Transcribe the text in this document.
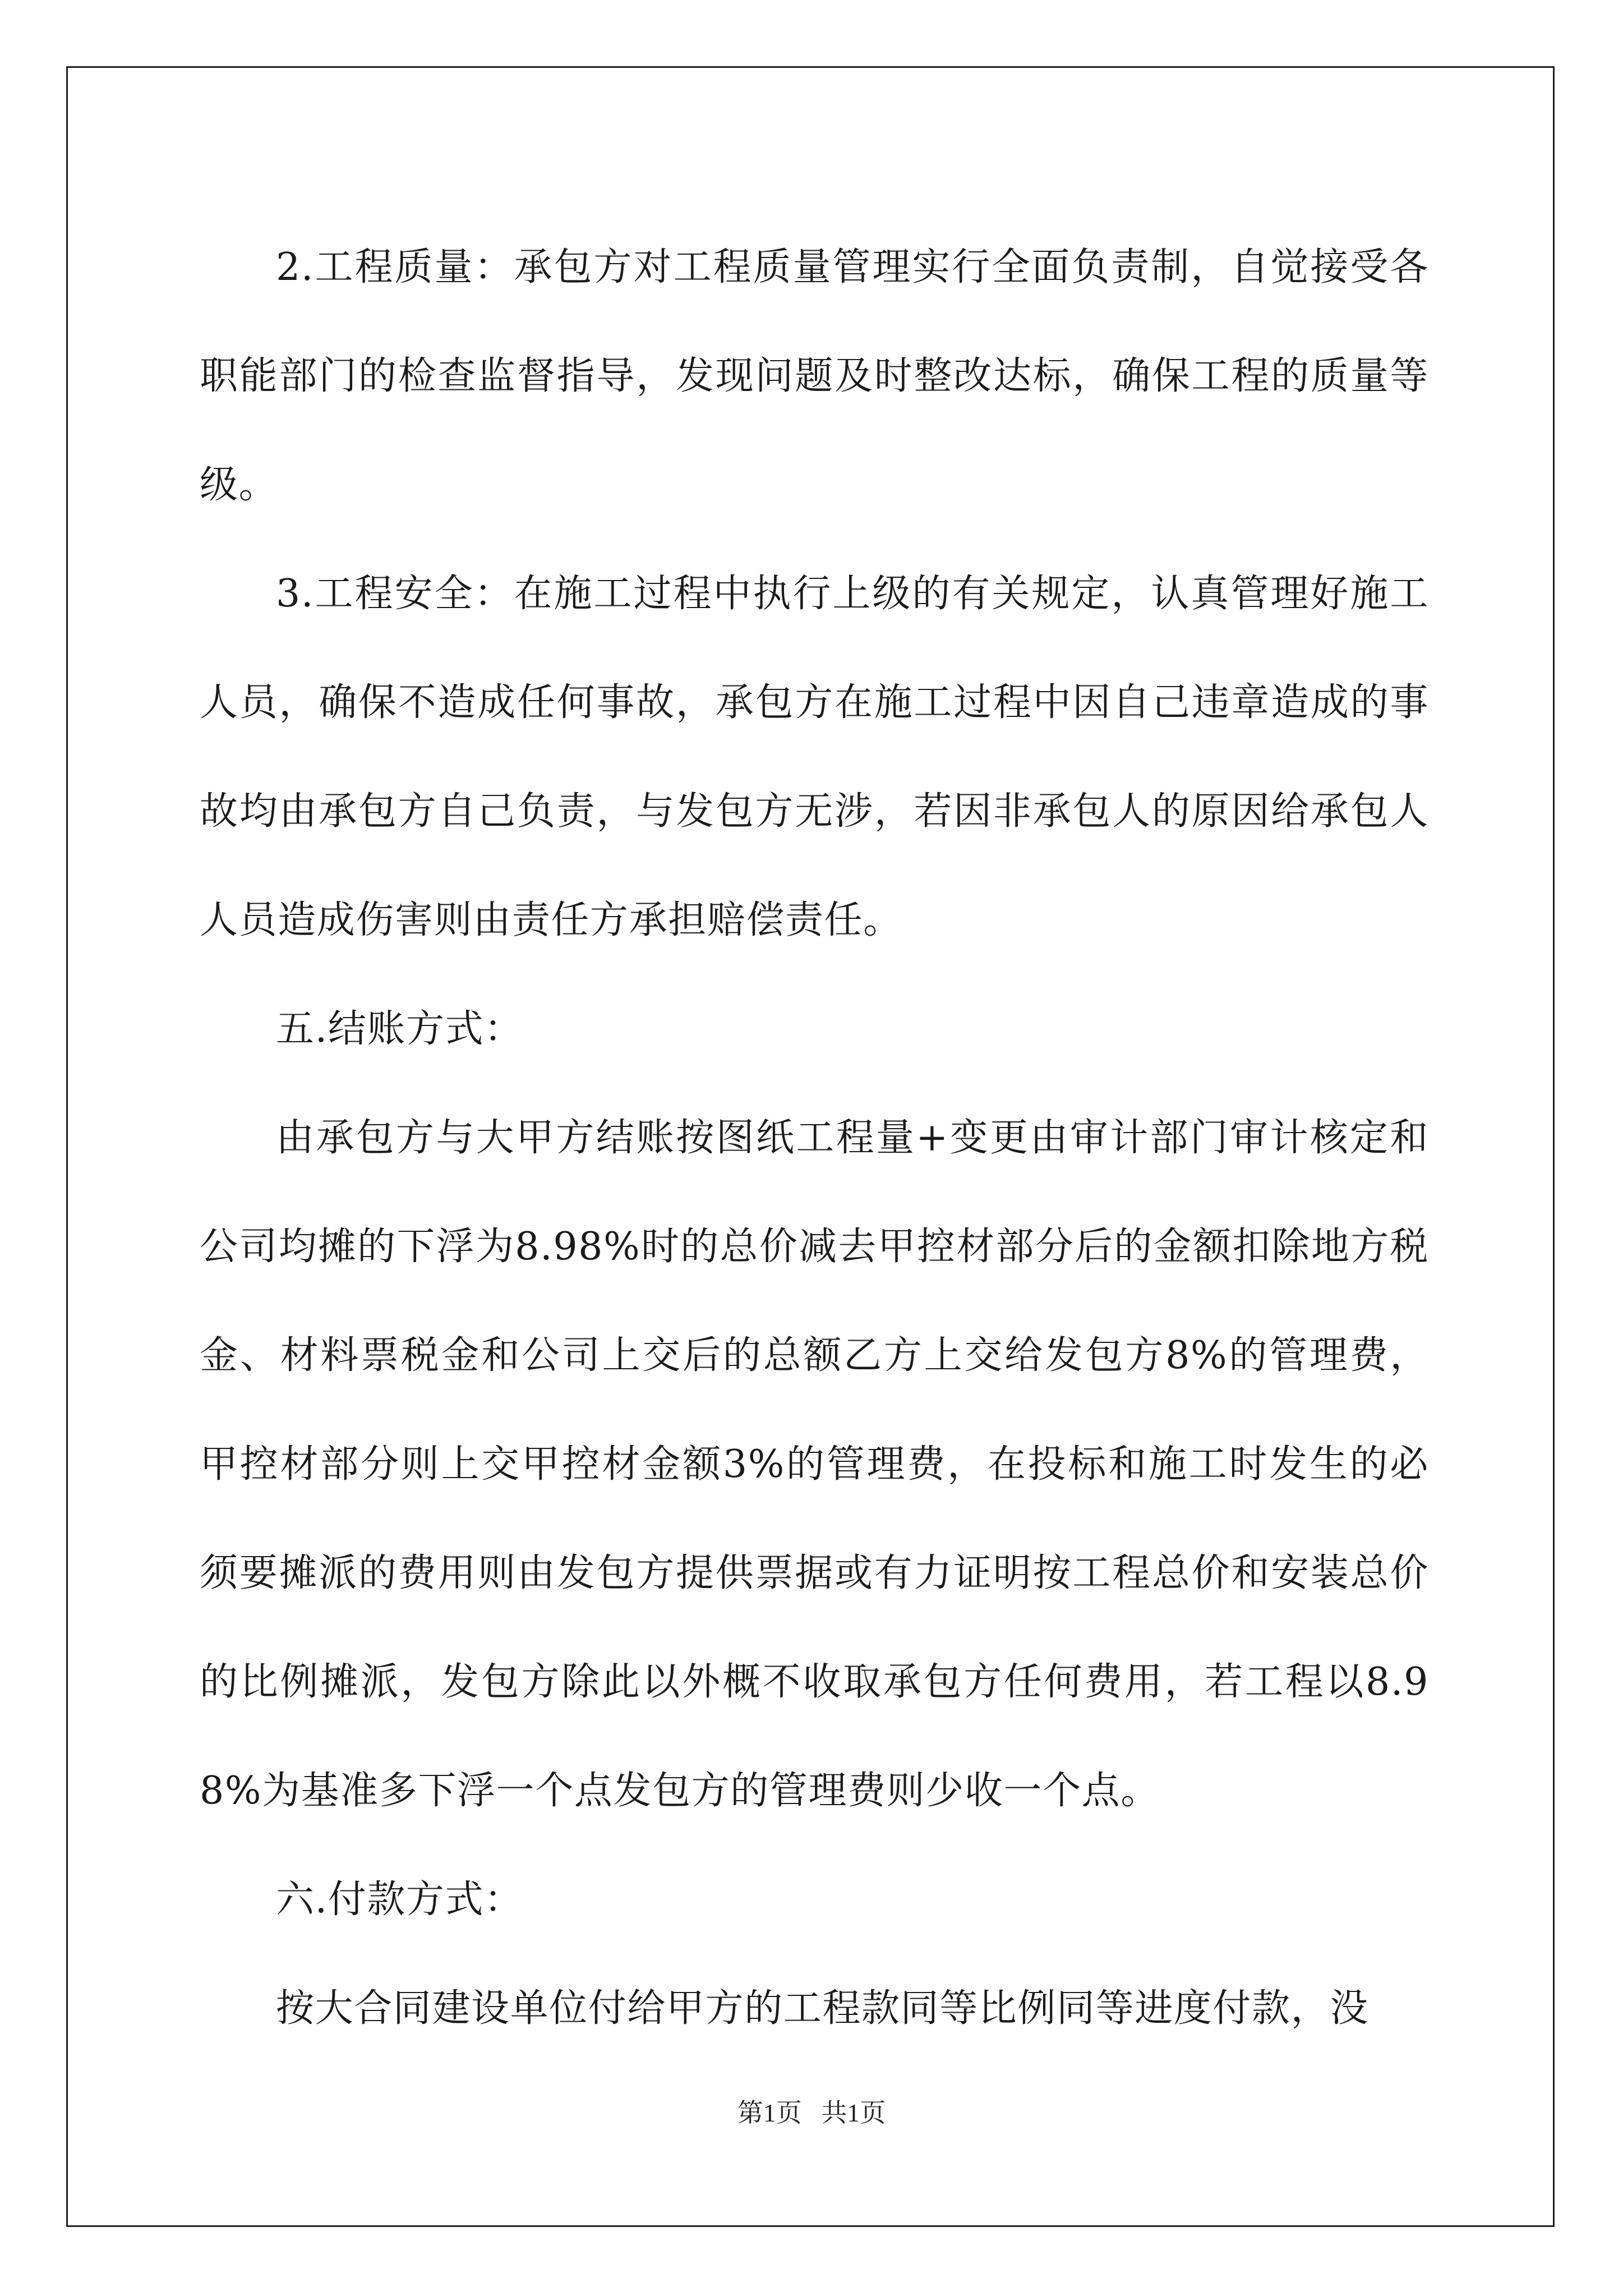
2.工程质量：承包方对工程质量管理实行全面负责制，自觉接受各职能部门的检查监督指导，发现问题及时整改达标，确保工程的质量等级。

3.工程安全：在施工过程中执行上级的有关规定，认真管理好施工人员，确保不造成任何事故，承包方在施工过程中因自己违章造成的事故均由承包方自己负责，与发包方无涉，若因非承包人的原因给承包人人员造成伤害则由责任方承担赔偿责任。

五.结账方式：

由承包方与大甲方结账按图纸工程量+变更由审计部门审计核定和公司均摊的下浮为8.98%时的总价减去甲控材部分后的金额扣除地方税金、材料票税金和公司上交后的总额乙方上交给发包方8%的管理费，甲控材部分则上交甲控材金额3%的管理费，在投标和施工时发生的必须要摊派的费用则由发包方提供票据或有力证明按工程总价和安装总价的比例摊派，发包方除此以外概不收取承包方任何费用，若工程以8.98%为基准多下浮一个点发包方的管理费则少收一个点。

六.付款方式：

按大合同建设单位付给甲方的工程款同等比例同等进度付款，没

第1页   共1页
